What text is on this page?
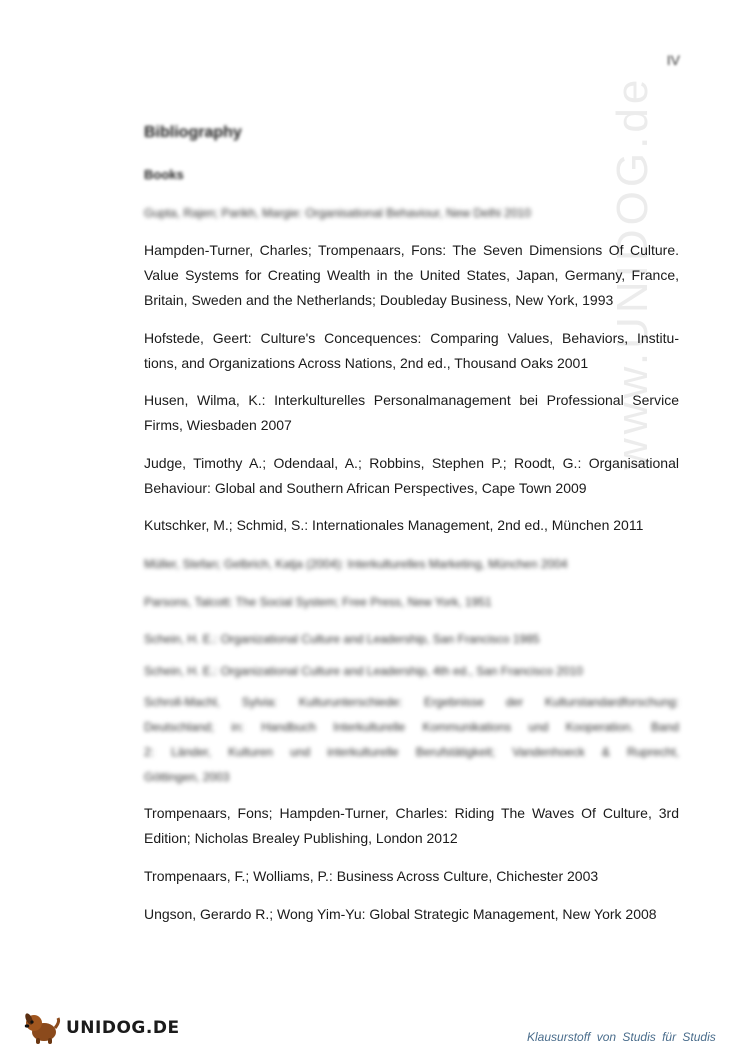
IV
Bibliography
Books	www.UNIDOG.de
Gupta, Rajen; Parikh, Margie: Organisational Behaviour, New Delhi 2010
Hampden-Turner, Charles; Trompenaars, Fons: The Seven Dimensions Of Culture.
Value Systems for Creating Wealth in the United States, Japan, Germany, France,
Britain, Sweden and the Netherlands; Doubleday Business, New York, 1993
Hofstede, Geert: Culture's Concequences: Comparing Values, Behaviors, Institu-
tions, and Organizations Across Nations, 2nd ed., Thousand Oaks 2001
Husen, Wilma, K.: Interkulturelles Personalmanagement bei Professional Service
Firms, Wiesbaden 2007
Judge, Timothy A.; Odendaal, A.; Robbins, Stephen P.; Roodt, G.: Organisational
Behaviour: Global and Southern African Perspectives, Cape Town 2009
Kutschker, M.; Schmid, S.: Internationales Management, 2nd ed., München 2011
Müller, Stefan; Gelbrich, Katja (2004): Interkulturelles Marketing, München 2004
Parsons, Talcott: The Social System; Free Press, New York, 1951
Schein, H. E.: Organizational Culture and Leadership, San Francisco 1985
Schein, H. E.: Organizational Culture and Leadership, 4th ed., San Francisco 2010
Schroll-Machl, Sylvia: Kulturunterschiede: Ergebnisse der Kulturstandardforschung:
Deutschland; in: Handbuch Interkulturelle Kommunikations und Kooperation. Band
2: Länder, Kulturen und interkulturelle Berufstätigkeit; Vandenhoeck & Ruprecht,
Göttingen, 2003
Trompenaars, Fons; Hampden-Turner, Charles: Riding The Waves Of Culture, 3rd
Edition; Nicholas Brealey Publishing, London 2012
Trompenaars, F.; Wolliams, P.: Business Across Culture, Chichester 2003
Ungson, Gerardo R.; Wong Yim-Yu: Global Strategic Management, New York 2008
UNIDOG.DE	Klausurstoff von Studis für Studis
